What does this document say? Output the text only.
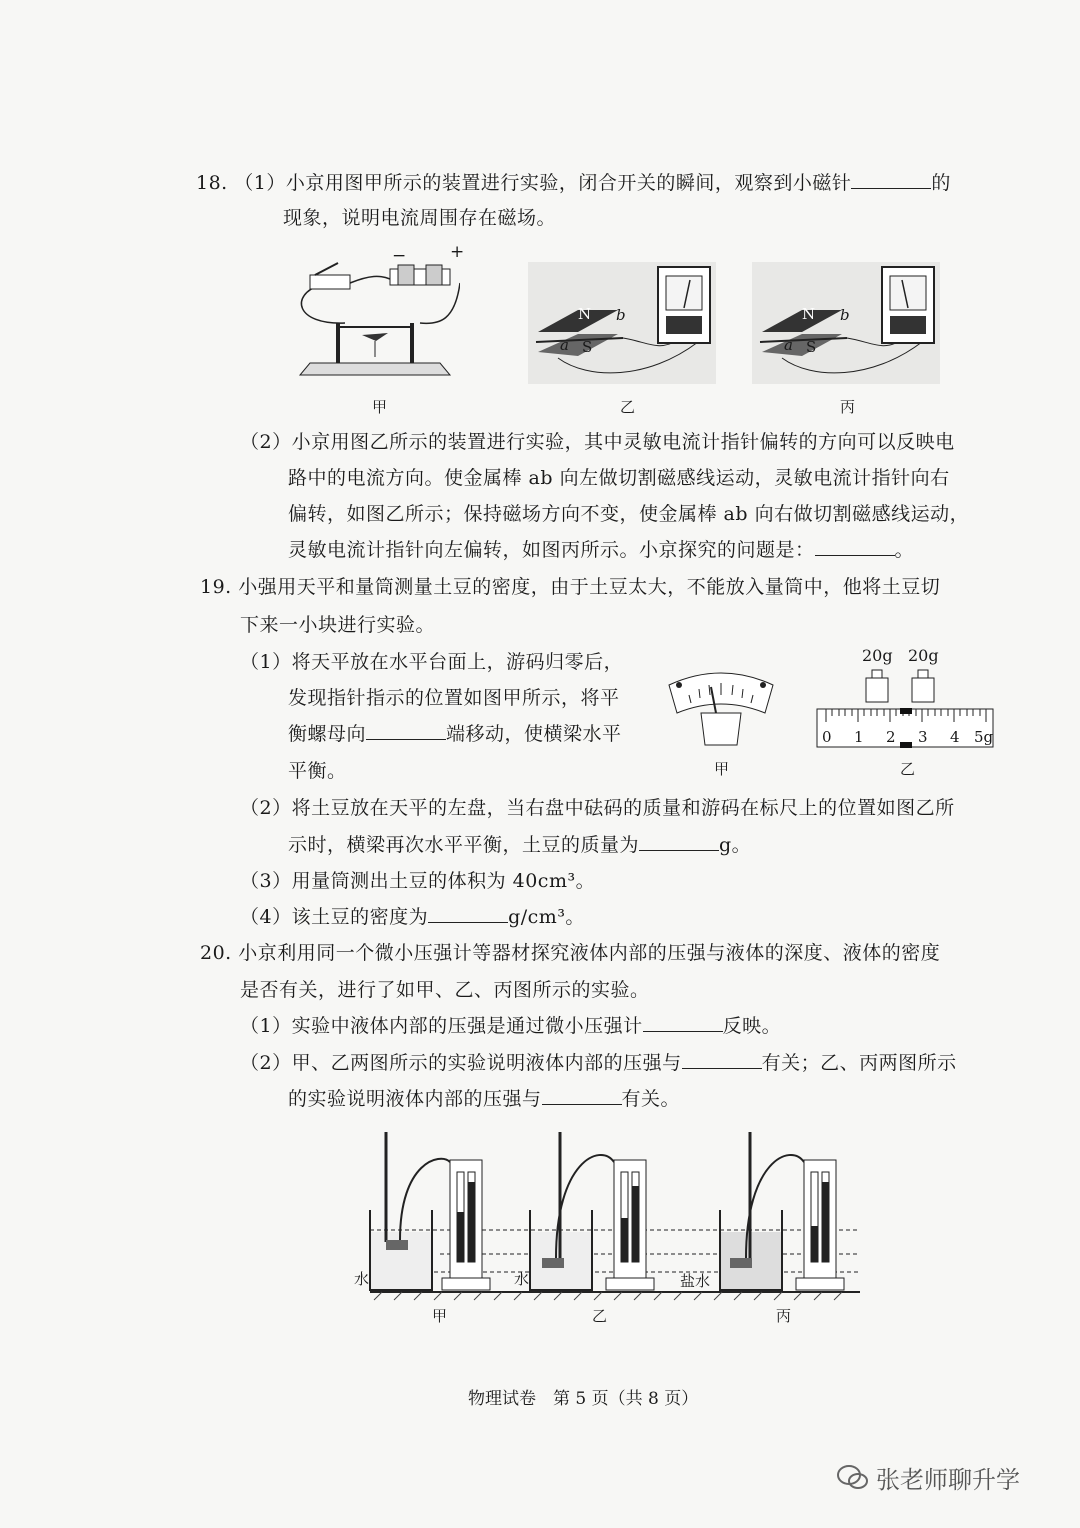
18. （1）小京用图甲所示的装置进行实验，闭合开关的瞬间，观察到小磁针	的
现象，说明电流周围存在磁场。
−	+
N
S
a
b	N
S
a
b
甲	乙	丙
（2）小京用图乙所示的装置进行实验，其中灵敏电流计指针偏转的方向可以反映电
路中的电流方向。使金属棒 ab 向左做切割磁感线运动，灵敏电流计指针向右
偏转，如图乙所示；保持磁场方向不变，使金属棒 ab 向右做切割磁感线运动，
灵敏电流计指针向左偏转，如图丙所示。小京探究的问题是：	。
19. 小强用天平和量筒测量土豆的密度，由于土豆太大，不能放入量筒中，他将土豆切
下来一小块进行实验。
（1）将天平放在水平台面上，游码归零后，
发现指针指示的位置如图甲所示，将平
衡螺母向	端移动，使横梁水平
平衡。	甲
20g 20g
0 1 2 3 4 5g
乙
（2）将土豆放在天平的左盘，当右盘中砝码的质量和游码在标尺上的位置如图乙所
示时，横梁再次水平平衡，土豆的质量为	g。
（3）用量筒测出土豆的体积为 40cm³。
（4）该土豆的密度为	g/cm³。
20. 小京利用同一个微小压强计等器材探究液体内部的压强与液体的深度、液体的密度
是否有关，进行了如甲、乙、丙图所示的实验。
（1）实验中液体内部的压强是通过微小压强计	反映。
（2）甲、乙两图所示的实验说明液体内部的压强与	有关；乙、丙两图所示
的实验说明液体内部的压强与	有关。
水	水	盐水
甲	乙	丙
物理试卷　第 5 页（共 8 页）
张老师聊升学
